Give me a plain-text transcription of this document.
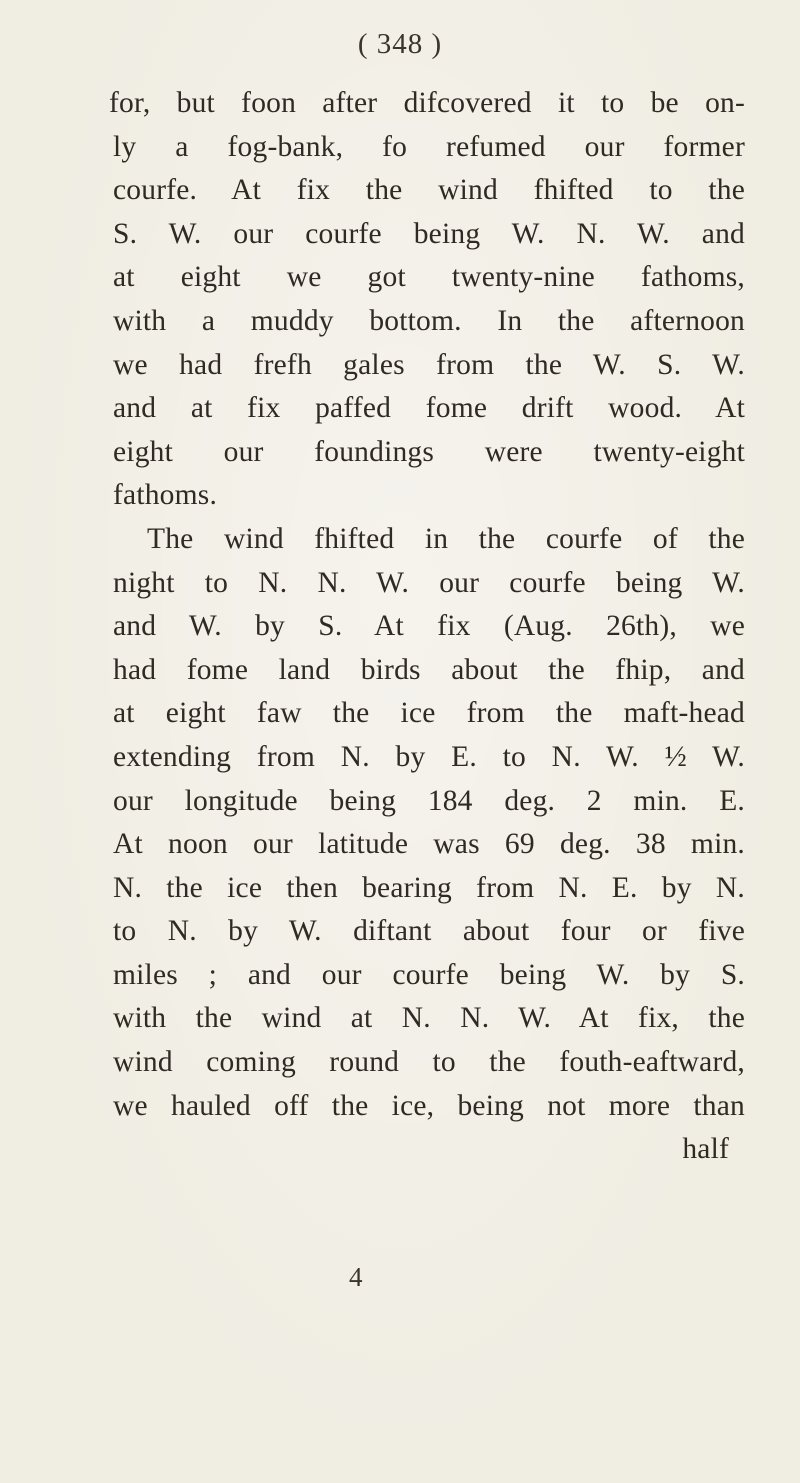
( 348 )
for, but foon after difcovered it to be on-
ly a fog-bank, fo refumed our former
courfe. At fix the wind fhifted to the
S. W. our courfe being W. N. W. and
at eight we got twenty-nine fathoms,
with a muddy bottom. In the afternoon
we had frefh gales from the W. S. W.
and at fix paffed fome drift wood. At
eight our foundings were twenty-eight
fathoms.
The wind fhifted in the courfe of the
night to N. N. W. our courfe being W.
and W. by S. At fix (Aug. 26th), we
had fome land birds about the fhip, and
at eight faw the ice from the maft-head
extending from N. by E. to N. W. ½ W.
our longitude being 184 deg. 2 min. E.
At noon our latitude was 69 deg. 38 min.
N. the ice then bearing from N. E. by N.
to N. by W. diftant about four or five
miles ; and our courfe being W. by S.
with the wind at N. N. W. At fix, the
wind coming round to the fouth-eaftward,
we hauled off the ice, being not more than
half
4
